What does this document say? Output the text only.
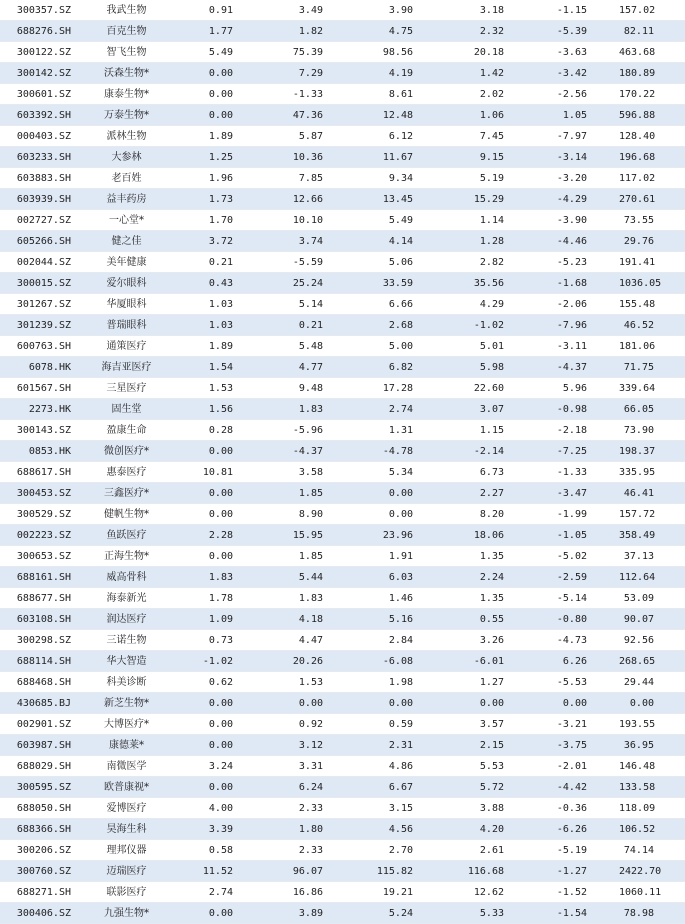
300357.SZ	我武生物	0.91	3.49	3.90	3.18	-1.15	157.02
688276.SH	百克生物	1.77	1.82	4.75	2.32	-5.39	82.11
300122.SZ	智飞生物	5.49	75.39	98.56	20.18	-3.63	463.68
300142.SZ	沃森生物*	0.00	7.29	4.19	1.42	-3.42	180.89
300601.SZ	康泰生物*	0.00	-1.33	8.61	2.02	-2.56	170.22
603392.SH	万泰生物*	0.00	47.36	12.48	1.06	1.05	596.88
000403.SZ	派林生物	1.89	5.87	6.12	7.45	-7.97	128.40
603233.SH	大参林	1.25	10.36	11.67	9.15	-3.14	196.68
603883.SH	老百姓	1.96	7.85	9.34	5.19	-3.20	117.02
603939.SH	益丰药房	1.73	12.66	13.45	15.29	-4.29	270.61
002727.SZ	一心堂*	1.70	10.10	5.49	1.14	-3.90	73.55
605266.SH	健之佳	3.72	3.74	4.14	1.28	-4.46	29.76
002044.SZ	美年健康	0.21	-5.59	5.06	2.82	-5.23	191.41
300015.SZ	爱尔眼科	0.43	25.24	33.59	35.56	-1.68	1036.05
301267.SZ	华厦眼科	1.03	5.14	6.66	4.29	-2.06	155.48
301239.SZ	普瑞眼科	1.03	0.21	2.68	-1.02	-7.96	46.52
600763.SH	通策医疗	1.89	5.48	5.00	5.01	-3.11	181.06
6078.HK	海吉亚医疗	1.54	4.77	6.82	5.98	-4.37	71.75
601567.SH	三星医疗	1.53	9.48	17.28	22.60	5.96	339.64
2273.HK	固生堂	1.56	1.83	2.74	3.07	-0.98	66.05
300143.SZ	盈康生命	0.28	-5.96	1.31	1.15	-2.18	73.90
0853.HK	微创医疗*	0.00	-4.37	-4.78	-2.14	-7.25	198.37
688617.SH	惠泰医疗	10.81	3.58	5.34	6.73	-1.33	335.95
300453.SZ	三鑫医疗*	0.00	1.85	0.00	2.27	-3.47	46.41
300529.SZ	健帆生物*	0.00	8.90	0.00	8.20	-1.99	157.72
002223.SZ	鱼跃医疗	2.28	15.95	23.96	18.06	-1.05	358.49
300653.SZ	正海生物*	0.00	1.85	1.91	1.35	-5.02	37.13
688161.SH	威高骨科	1.83	5.44	6.03	2.24	-2.59	112.64
688677.SH	海泰新光	1.78	1.83	1.46	1.35	-5.14	53.09
603108.SH	润达医疗	1.09	4.18	5.16	0.55	-0.80	90.07
300298.SZ	三诺生物	0.73	4.47	2.84	3.26	-4.73	92.56
688114.SH	华大智造	-1.02	20.26	-6.08	-6.01	6.26	268.65
688468.SH	科美诊断	0.62	1.53	1.98	1.27	-5.53	29.44
430685.BJ	新芝生物*	0.00	0.00	0.00	0.00	0.00	0.00
002901.SZ	大博医疗*	0.00	0.92	0.59	3.57	-3.21	193.55
603987.SH	康德莱*	0.00	3.12	2.31	2.15	-3.75	36.95
688029.SH	南微医学	3.24	3.31	4.86	5.53	-2.01	146.48
300595.SZ	欧普康视*	0.00	6.24	6.67	5.72	-4.42	133.58
688050.SH	爱博医疗	4.00	2.33	3.15	3.88	-0.36	118.09
688366.SH	昊海生科	3.39	1.80	4.56	4.20	-6.26	106.52
300206.SZ	理邦仪器	0.58	2.33	2.70	2.61	-5.19	74.14
300760.SZ	迈瑞医疗	11.52	96.07	115.82	116.68	-1.27	2422.70
688271.SH	联影医疗	2.74	16.86	19.21	12.62	-1.52	1060.11
300406.SZ	九强生物*	0.00	3.89	5.24	5.33	-1.54	78.98
